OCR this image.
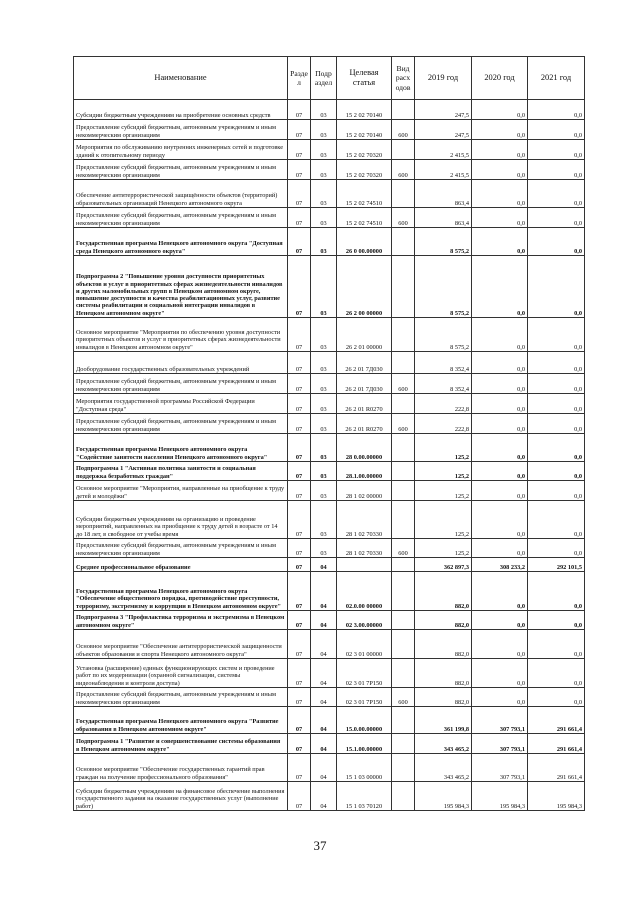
Наименование	Разде л	Подр аздел	Целевая статья	Вид расх одов	2019 год	2020 год	2021 год
Субсидии бюджетным учреждениям на приобретение основных средств	07	03	15 2 02 70140		247,5	0,0	0,0
Предоставление субсидий бюджетным, автономным учреждениям и иным некоммерческим организациям	07	03	15 2 02 70140	600	247,5	0,0	0,0
Мероприятия по обслуживанию внутренних инженерных сетей и подготовке зданий к отопительному периоду	07	03	15 2 02 70320		2 415,5	0,0	0,0
Предоставление субсидий бюджетным, автономным учреждениям и иным некоммерческим организациям	07	03	15 2 02 70320	600	2 415,5	0,0	0,0
Обеспечение антитеррористической защищённости объектов (территорий) образовательных организаций Ненецкого автономного округа	07	03	15 2 02 74510		863,4	0,0	0,0
Предоставление субсидий бюджетным, автономным учреждениям и иным некоммерческим организациям	07	03	15 2 02 74510	600	863,4	0,0	0,0
Государственная программа Ненецкого автономного округа "Доступная среда Ненецкого автономного округа"	07	03	26 0 00.00000		8 575,2	0,0	0,0
Подпрограмма 2 "Повышение уровня доступности приоритетных объектов и услуг в приоритетных сферах жизнедеятельности инвалидов и других маломобильных групп в Ненецком автономном округе, повышение доступности и качества реабилитационных услуг, развитие системы реабилитации и социальной интеграции инвалидов в Ненецком автономном округе"	07	03	26 2 00 00000		8 575,2	0,0	0,0
Основное мероприятие "Мероприятия по обеспечению уровня доступности приоритетных объектов и услуг в приоритетных сферах жизнедеятельности инвалидов в Ненецком автономном округе"	07	03	26 2 01 00000		8 575,2	0,0	0,0
Дооборудование государственных образовательных учреждений	07	03	26 2 01 7Д030		8 352,4	0,0	0,0
Предоставление субсидий бюджетным, автономным учреждениям и иным некоммерческим организациям	07	03	26 2 01 7Д030	600	8 352,4	0,0	0,0
Мероприятия государственной программы Российской Федерации "Доступная среда"	07	03	26 2 01 R0270		222,8	0,0	0,0
Предоставление субсидий бюджетным, автономным учреждениям и иным некоммерческим организациям	07	03	26 2 01 R0270	600	222,8	0,0	0,0
Государственная программа Ненецкого автономного округа "Содействие занятости населения Ненецкого автономного округа"	07	03	28 0.00.00000		125,2	0,0	0,0
Подпрограмма 1 "Активная политика занятости и социальная поддержка безработных граждан"	07	03	28.1.00.00000		125,2	0,0	0,0
Основное мероприятие "Мероприятия, направленные на приобщение к труду детей и молодёжи"	07	03	28 1 02 00000		125,2	0,0	0,0
Субсидии бюджетным учреждениям на организацию и проведение мероприятий, направленных на приобщение к труду детей в возрасте от 14 до 18 лет, в свободное от учебы время	07	03	28 1 02 70330		125,2	0,0	0,0
Предоставление субсидий бюджетным, автономным учреждениям и иным некоммерческим организациям	07	03	28 1 02 70330	600	125,2	0,0	0,0
Среднее профессиональное образование	07	04			362 897,3	308 233,2	292 101,5
Государственная программа Ненецкого автономного округа "Обеспечение общественного порядка, противодействие преступности, терроризму, экстремизму и коррупции в Ненецком автономном округе"	07	04	02.0.00 00000		882,0	0,0	0,0
Подпрограмма 3 "Профилактика терроризма и экстремизма в Ненецком автономном округе"	07	04	02 3.00.00000		882,0	0,0	0,0
Основное мероприятие "Обеспечение антитеррористической защищенности объектов образования и спорта Ненецкого автономного округа"	07	04	02 3 01 00000		882,0	0,0	0,0
Установка (расширение) единых функционирующих систем и проведение работ по их модернизации (охранной сигнализации, системы видеонаблюдения и контроля доступа)	07	04	02 3 01 7Р150		882,0	0,0	0,0
Предоставление субсидий бюджетным, автономным учреждениям и иным некоммерческим организациям	07	04	02 3 01 7Р150	600	882,0	0,0	0,0
Государственная программа Ненецкого автономного округа "Развитие образования в Ненецком автономном округе"	07	04	15.0.00.00000		361 199,8	307 793,1	291 661,4
Подпрограмма 1 "Развитие и совершенствование системы образования в Ненецком автономном округе"	07	04	15.1.00.00000		343 465,2	307 793,1	291 661,4
Основное мероприятие "Обеспечение государственных гарантий прав граждан на получение профессионального образования"	07	04	15 1 03 00000		343 465,2	307 793,1	291 661,4
Субсидии бюджетным учреждениям на финансовое обеспечение выполнения государственного задания на оказание государственных услуг (выполнение работ)	07	04	15 1 03 70120		195 984,3	195 984,3	195 984,3
37
